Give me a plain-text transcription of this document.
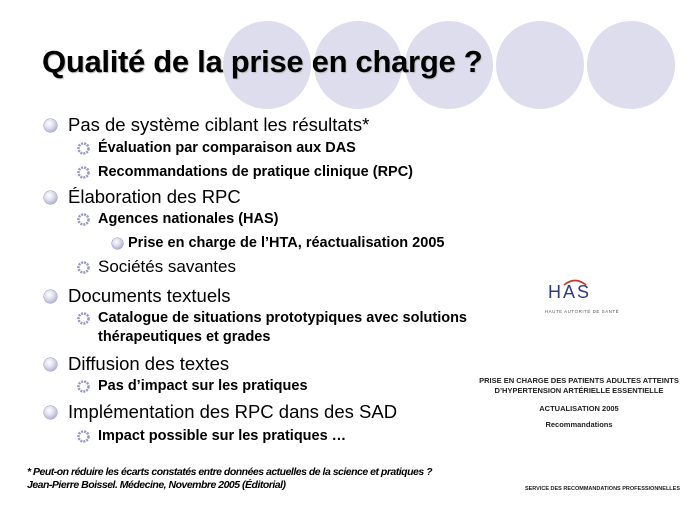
Qualité de la prise en charge ?
Pas de système ciblant les résultats*
Évaluation par comparaison aux DAS
Recommandations de pratique clinique (RPC)
Élaboration des RPC
Agences nationales (HAS)
Prise en charge de l’HTA, réactualisation 2005
Sociétés savantes
Documents textuels
Catalogue de situations prototypiques avec solutions
thérapeutiques et grades
Diffusion des textes
Pas d’impact sur les pratiques
Implémentation des RPC dans des SAD
Impact possible sur les pratiques …
HAS
HAUTE AUTORITÉ DE SANTÉ
PRISE EN CHARGE DES PATIENTS ADULTES ATTEINTS
D’HYPERTENSION ARTÉRIELLE ESSENTIELLE
ACTUALISATION 2005
Recommandations
SERVICE DES RECOMMANDATIONS PROFESSIONNELLES
* Peut-on réduire les écarts constatés entre données actuelles de la science et pratiques ?
Jean-Pierre Boissel. Médecine, Novembre 2005 (Éditorial)
